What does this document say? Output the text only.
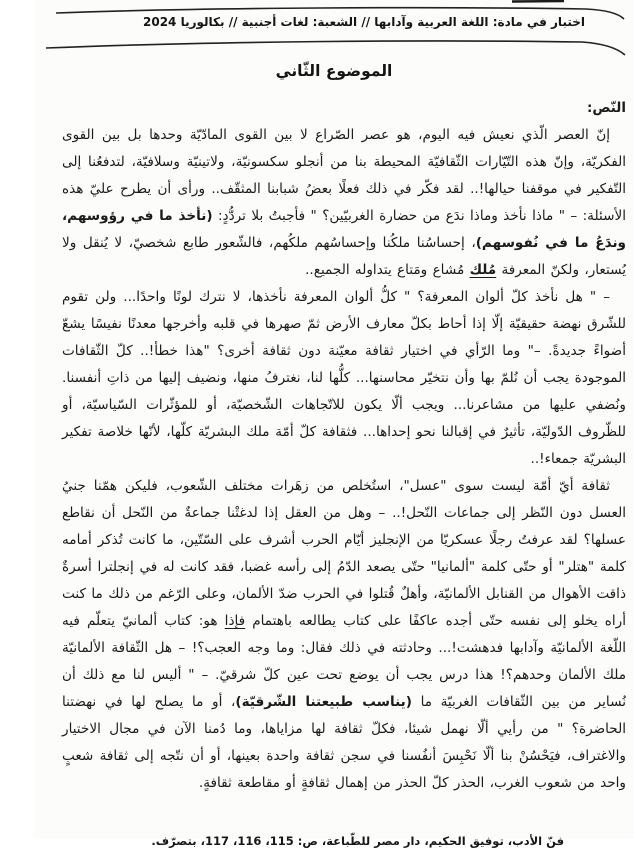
اختبار في مادة: اللغة العربية وآدابها // الشعبة: لغات أجنبية // بكالوريا 2024
الموضوع الثّاني

النّص:

إنّ العصر الّذي نعيش فيه اليوم، هو عصر الصّراع لا بين القوى المادّيّة وحدها بل بين القوى الفكريّة، وإنّ هذه التّيّارات الثّقافيّة المحيطة بنا من أنجلو سكسونيّة، ولاتينيّة وسلافيّة، لتدفعُنا إلى التّفكير في موقفنا حيالها!.. لقد فكّر في ذلك فعلًا بعضُ شبابنا المثقّف.. ورأى أن يطرح عليّ هذه الأسئلة: – " ماذا نأخذ وماذا ندَع من حضارة الغربيّين؟ " فأجبتُ بلا تردُّدٍ: (نأخذ ما في رؤوسهم، وندَعُ ما في نُفوسهم)، إحساسُنا ملكُنا وإحساسُهم ملكُهم، فالشّعور طابع شخصيّ، لا يُنقل ولا يُستعار، ولكنّ المعرفة مُلك مُشاع ومَتاع يتداوله الجميع..

– " هل نأخذ كلّ ألوان المعرفة؟ " كلُّ ألوان المعرفة نأخذها، لا نترك لونًا واحدًا... ولن تقوم للشّرق نهضة حقيقيّة إلّا إذا أحاط بكلّ معارف الأرض ثمّ صهرها في قلبه وأخرجها معدنًا نفيسًا يشعّ أضواءً جديدةً. –" وما الرّأي في اختيار ثقافة معيّنة دون ثقافة أخرى؟ "هذا خطأ!.. كلّ الثّقافات الموجودة يجب أن نُلمّ بها وأن نتخيّر محاسنها... كلُّها لنا، نغترفُ منها، ونضيف إليها من ذاتِ أنفسنا. ونُضفي عليها من مشاعرنا... ويجب ألّا يكون للاتّجاهات الشّخصيّة، أو للمؤثّرات السّياسيّة، أو للظّروف الدّوليّة، تأثيرٌ في إقبالنا نحو إحداها... فثقافة كلّ أمّة ملك البشريّة كلّها، لأنّها خلاصة تفكير البشريّة جمعاء!..

ثقافة أيّ أمّة ليست سوى "عسل"، استُخلص من زهَرات مختلف الشّعوب، فليكن همّنا جنيُ العسل دون النّظر إلى جماعات النّحل!.. – وهل من العقل إذا لدغتْنا جماعةٌ من النّحل أن نقاطع عسلها؟ لقد عرفتُ رجلًا عسكريّا من الإنجليز أيّام الحرب أشرف على السّتّين، ما كانت تُذكر أمامه كلمة "هتلر" أو حتّى كلمة "ألمانيا" حتّى يصعد الدّمُ إلى رأسه غضبا، فقد كانت له في إنجلترا أسرةٌ ذاقت الأهوال من القنابل الألمانيّة، وأهلٌ قُتلوا في الحرب ضدّ الألمان، وعلى الرّغم من ذلك ما كنت أراه يخلو إلى نفسه حتّى أجده عاكفًا على كتاب يطالعه باهتمام فإذا هو: كتاب ألمانيّ يتعلّم فيه اللّغة الألمانيّة وآدابها فدهشت!... وحادثته في ذلك فقال: وما وجه العجب؟! – هل الثّقافة الألمانيّة ملك الألمان وحدهم؟! هذا درس يجب أن يوضع تحت عين كلّ شرقيّ. – " أليس لنا مع ذلك أن نُساير من بين الثّقافات الغربيّة ما (يناسب طبيعتنا الشّرقيّة)، أو ما يصلح لها في نهضتنا الحاضرة؟ " من رأيي ألّا نهمل شيئا، فكلّ ثقافة لها مزاياها، وما دُمنا الآن في مجال الاختيار والاغتراف، فيَحْسُنْ بنا ألّا نَحْبِسَ أنفُسنا في سجن ثقافة واحدة بعينها، أو أن نتّجه إلى ثقافة شعبٍ واحد من شعوب الغرب، الحذر كلّ الحذر من إهمال ثقافةٍ أو مقاطعة ثقافةٍ.

فنّ الأدب، توفيق الحكيم، دار مصر للطّباعة، ص: 115، 116، 117، بتصرّف.
